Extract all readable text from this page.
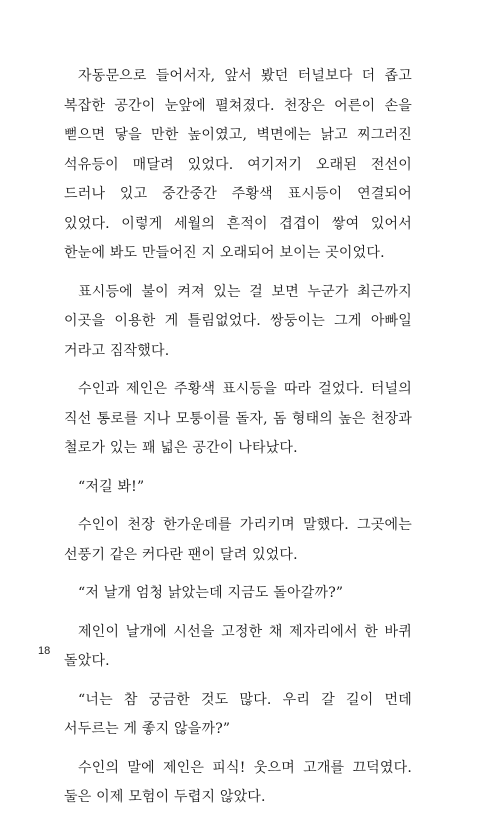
자동문으로 들어서자, 앞서 봤던 터널보다 더 좁고 복잡한 공간이 눈앞에 펼쳐졌다. 천장은 어른이 손을 뻗으면 닿을 만한 높이였고, 벽면에는 낡고 찌그러진 석유등이 매달려 있었다. 여기저기 오래된 전선이 드러나 있고 중간중간 주황색 표시등이 연결되어 있었다. 이렇게 세월의 흔적이 겹겹이 쌓여 있어서 한눈에 봐도 만들어진 지 오래되어 보이는 곳이었다.

표시등에 불이 켜져 있는 걸 보면 누군가 최근까지 이곳을 이용한 게 틀림없었다. 쌍둥이는 그게 아빠일 거라고 짐작했다.

수인과 제인은 주황색 표시등을 따라 걸었다. 터널의 직선 통로를 지나 모퉁이를 돌자, 돔 형태의 높은 천장과 철로가 있는 꽤 넓은 공간이 나타났다.

“저길 봐!”

수인이 천장 한가운데를 가리키며 말했다. 그곳에는 선풍기 같은 커다란 팬이 달려 있었다.

“저 날개 엄청 낡았는데 지금도 돌아갈까?”

제인이 날개에 시선을 고정한 채 제자리에서 한 바퀴 돌았다.

“너는 참 궁금한 것도 많다. 우리 갈 길이 먼데 서두르는 게 좋지 않을까?”

수인의 말에 제인은 피식! 웃으며 고개를 끄덕였다. 둘은 이제 모험이 두렵지 않았다.

18
